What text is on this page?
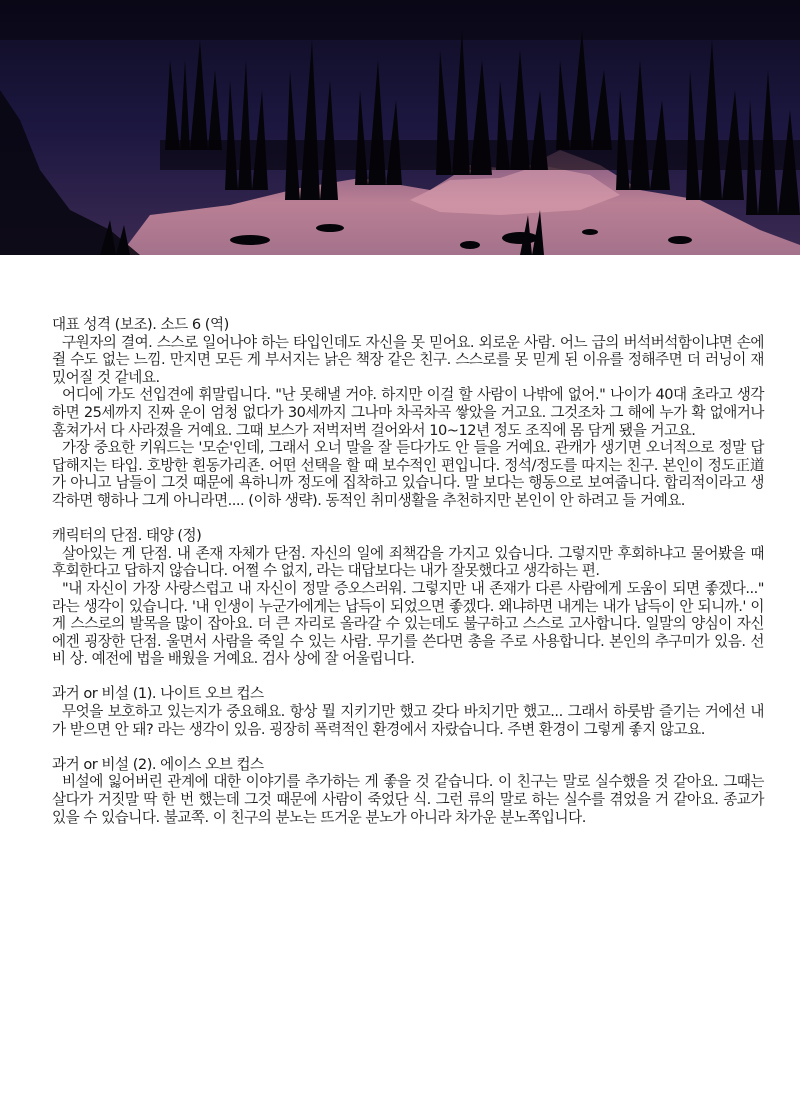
대표 성격 (보조). 소드 6 (역)

구원자의 결여. 스스로 일어나야 하는 타입인데도 자신을 못 믿어요. 외로운 사람. 어느 급의 버석버석함이냐면 손에 쥘 수도 없는 느낌. 만지면 모든 게 부서지는 낡은 책장 같은 친구. 스스로를 못 믿게 된 이유를 정해주면 더 러닝이 재밌어질 것 같네요.

어디에 가도 선입견에 휘말립니다. "난 못해낼 거야. 하지만 이걸 할 사람이 나밖에 없어." 나이가 40대 초라고 생각하면 25세까지 진짜 운이 엄청 없다가 30세까지 그나마 차곡차곡 쌓았을 거고요. 그것조차 그 해에 누가 확 없애거나 훔쳐가서 다 사라졌을 거예요. 그때 보스가 저벅저벅 걸어와서 10~12년 정도 조직에 몸 담게 됐을 거고요.

가장 중요한 키워드는 '모순'인데, 그래서 오너 말을 잘 듣다가도 안 들을 거예요. 관캐가 생기면 오너적으로 정말 답답해지는 타입. 호방한 흰동가리죤. 어떤 선택을 할 때 보수적인 편입니다. 정석/정도를 따지는 친구. 본인이 정도正道가 아니고 남들이 그것 때문에 욕하니까 정도에 집착하고 있습니다. 말 보다는 행동으로 보여줍니다. 합리적이라고 생각하면 행하나 그게 아니라면.... (이하 생략). 동적인 취미생활을 추천하지만 본인이 안 하려고 들 거예요.

캐릭터의 단점. 태양 (정)

살아있는 게 단점. 내 존재 자체가 단점. 자신의 일에 죄책감을 가지고 있습니다. 그렇지만 후회하냐고 물어봤을 때 후회한다고 답하지 않습니다. 어쩔 수 없지, 라는 대답보다는 내가 잘못했다고 생각하는 편.

"내 자신이 가장 사랑스럽고 내 자신이 정말 증오스러워. 그렇지만 내 존재가 다른 사람에게 도움이 되면 좋겠다..." 라는 생각이 있습니다. '내 인생이 누군가에게는 납득이 되었으면 좋겠다. 왜냐하면 내게는 내가 납득이 안 되니까.' 이게 스스로의 발목을 많이 잡아요. 더 큰 자리로 올라갈 수 있는데도 불구하고 스스로 고사합니다. 일말의 양심이 자신에겐 굉장한 단점. 울면서 사람을 죽일 수 있는 사람. 무기를 쓴다면 총을 주로 사용합니다. 본인의 추구미가 있음. 선비 상. 예전에 법을 배웠을 거예요. 검사 상에 잘 어울립니다.

과거 or 비설 (1). 나이트 오브 컵스

무엇을 보호하고 있는지가 중요해요. 항상 뭘 지키기만 했고 갖다 바치기만 했고... 그래서 하룻밤 즐기는 거에선 내가 받으면 안 돼? 라는 생각이 있음. 굉장히 폭력적인 환경에서 자랐습니다. 주변 환경이 그렇게 좋지 않고요.

과거 or 비설 (2). 에이스 오브 컵스

비설에 잃어버린 관계에 대한 이야기를 추가하는 게 좋을 것 같습니다. 이 친구는 말로 실수했을 것 같아요. 그때는 살다가 거짓말 딱 한 번 했는데 그것 때문에 사람이 죽었단 식. 그런 류의 말로 하는 실수를 겪었을 거 같아요. 종교가 있을 수 있습니다. 불교쪽. 이 친구의 분노는 뜨거운 분노가 아니라 차가운 분노쪽입니다.
